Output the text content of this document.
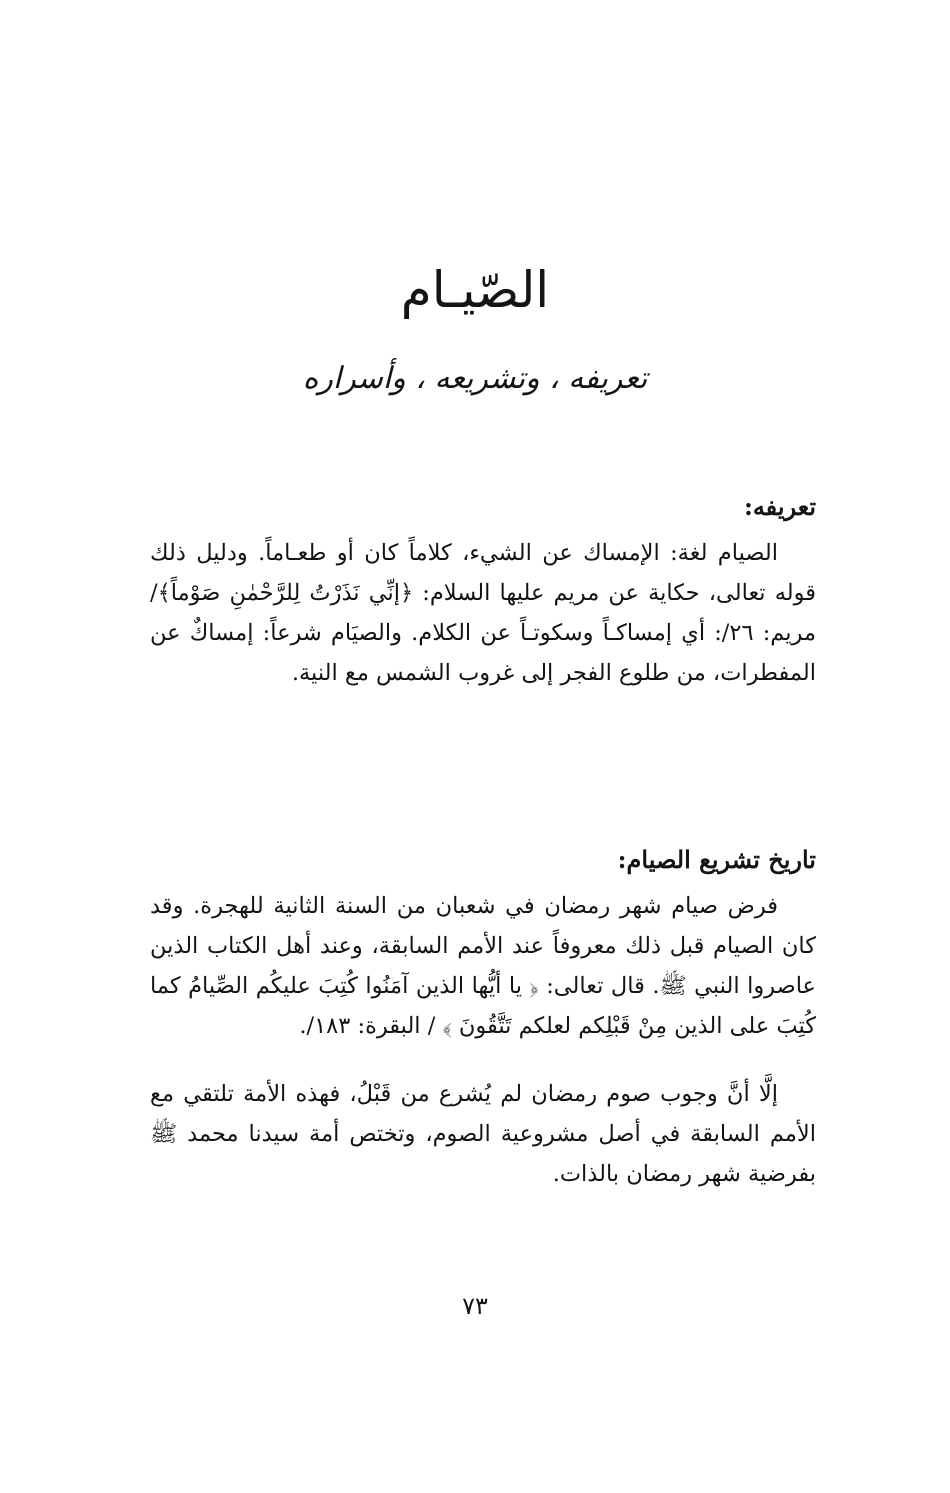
الصّيـام
تعريفه ، وتشريعه ، وأسراره
تعريفه:

الصيام لغة: الإمساك عن الشيء، كلاماً كان أو طعـاماً. ودليل ذلك قوله تعالى، حكاية عن مريم عليها السلام: ﴿إنِّي نَذَرْتُ لِلرَّحْمٰنِ صَوْماً﴾/مريم: ٢٦/: أي إمساكـاً وسكوتـاً عن الكلام. والصيَام شرعاً: إمساكٌ عن المفطرات، من طلوع الفجر إلى غروب الشمس مع النية.

تاريخ تشريع الصيام:

فرض صيام شهر رمضان في شعبان من السنة الثانية للهجرة. وقد كان الصيام قبل ذلك معروفاً عند الأمم السابقة، وعند أهل الكتاب الذين عاصروا النبي ﷺ. قال تعالى: ﴿ يا أيُّها الذين آمَنُوا كُتِبَ عليكُم الصِّيامُ كما كُتِبَ على الذين مِنْ قَبْلِكم لعلكم تَتَّقُونَ ﴾ / البقرة: ١٨٣/.

إلَّا أنَّ وجوب صوم رمضان لم يُشرع من قَبْلُ، فهذه الأمة تلتقي مع الأمم السابقة في أصل مشروعية الصوم، وتختص أمة سيدنا محمد ﷺ بفرضية شهر رمضان بالذات.

٧٣
